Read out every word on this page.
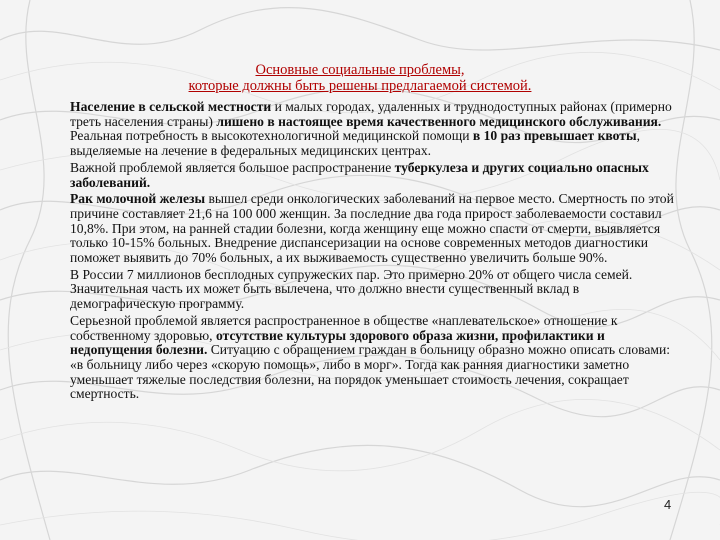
Основные социальные проблемы,
которые должны быть решены предлагаемой системой.

Население в сельской местности и малых городах, удаленных и труднодоступных районах (примерно треть населения страны) лишено в настоящее время качественного медицинского обслуживания. Реальная потребность в высокотехнологичной медицинской помощи в 10 раз превышает квоты, выделяемые на лечение в федеральных медицинских центрах.

Важной проблемой является большое распространение туберкулеза и других социально опасных заболеваний.

Рак молочной железы вышел среди онкологических заболеваний на первое место. Смертность по этой причине составляет 21,6 на 100 000 женщин. За последние два года прирост заболеваемости составил 10,8%. При этом, на ранней стадии болезни, когда женщину еще можно спасти от смерти, выявляется только 10-15% больных. Внедрение диспансеризации на основе современных методов диагностики поможет выявить до 70% больных, а их выживаемость существенно увеличить больше 90%.

В России 7 миллионов бесплодных супружеских пар. Это примерно 20% от общего числа семей. Значительная часть их может быть вылечена, что должно внести существенный вклад в демографическую программу.

Серьезной проблемой является распространенное в обществе «наплевательское» отношение к собственному здоровью, отсутствие культуры здорового образа жизни, профилактики и недопущения болезни. Ситуацию с обращением граждан в больницу образно можно описать словами: «в больницу либо через «скорую помощь», либо в морг». Тогда как ранняя диагностики заметно уменьшает тяжелые последствия болезни, на порядок уменьшает стоимость лечения, сокращает смертность.

4
